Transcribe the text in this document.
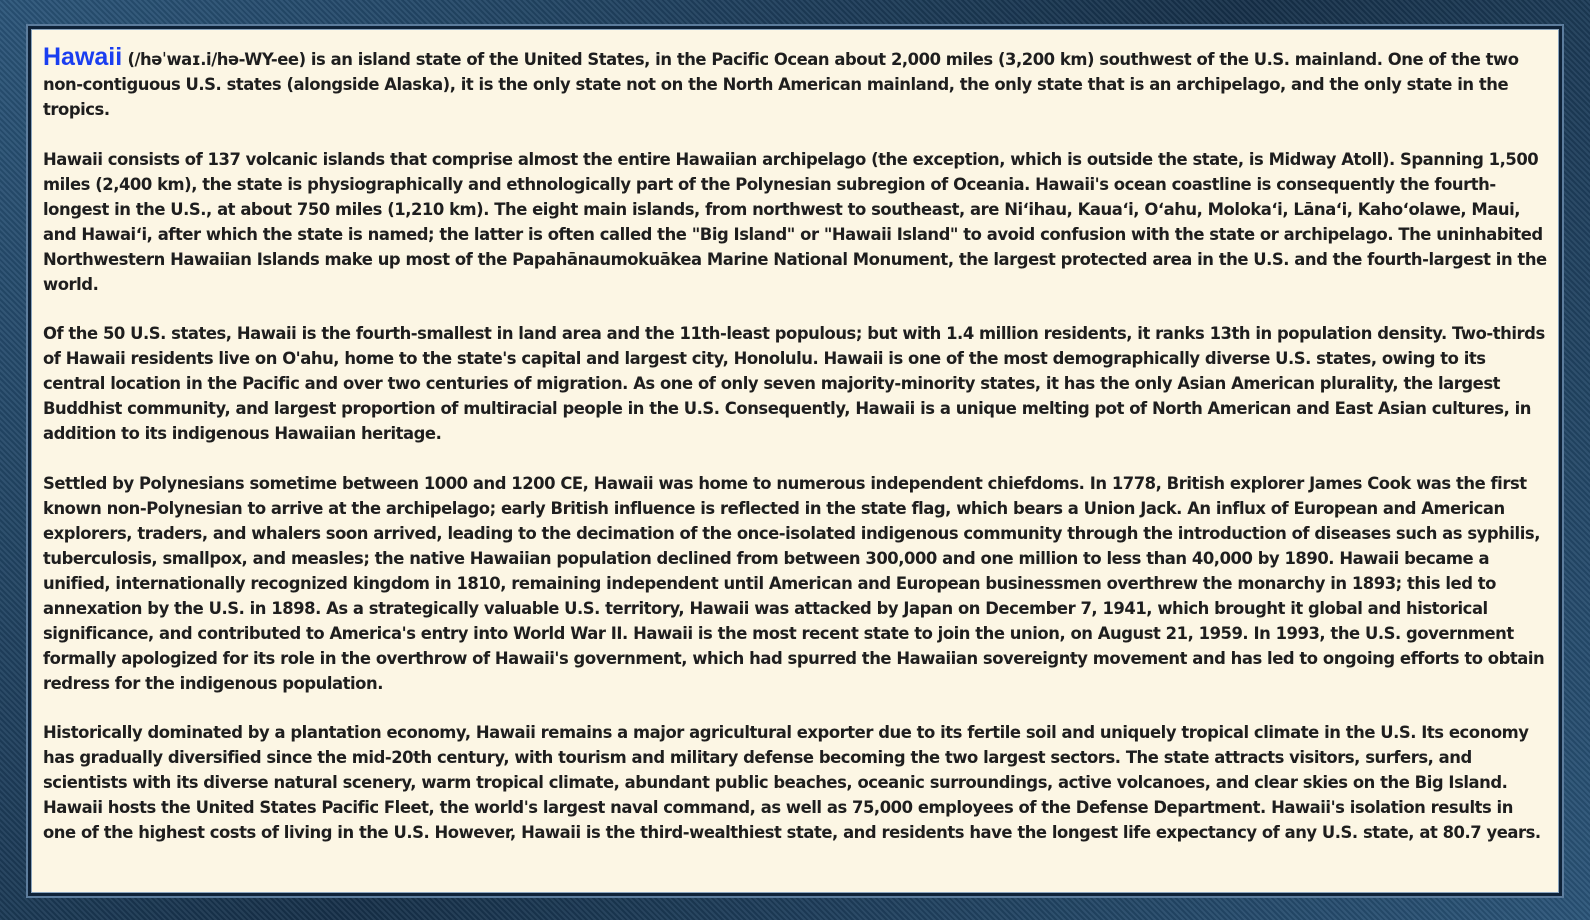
Hawaii (/həˈwaɪ.i/hə-WY-ee) is an island state of the United States, in the Pacific Ocean about 2,000 miles (3,200 km) southwest of the U.S. mainland. One of the two non-contiguous U.S. states (alongside Alaska), it is the only state not on the North American mainland, the only state that is an archipelago, and the only state in the tropics.

Hawaii consists of 137 volcanic islands that comprise almost the entire Hawaiian archipelago (the exception, which is outside the state, is Midway Atoll). Spanning 1,500 miles (2,400 km), the state is physiographically and ethnologically part of the Polynesian subregion of Oceania. Hawaii's ocean coastline is consequently the fourth-longest in the U.S., at about 750 miles (1,210 km). The eight main islands, from northwest to southeast, are Niʻihau, Kauaʻi, Oʻahu, Molokaʻi, Lānaʻi, Kahoʻolawe, Maui, and Hawaiʻi, after which the state is named; the latter is often called the "Big Island" or "Hawaii Island" to avoid confusion with the state or archipelago. The uninhabited Northwestern Hawaiian Islands make up most of the Papahānaumokuākea Marine National Monument, the largest protected area in the U.S. and the fourth-largest in the world.

Of the 50 U.S. states, Hawaii is the fourth-smallest in land area and the 11th-least populous; but with 1.4 million residents, it ranks 13th in population density. Two-thirds of Hawaii residents live on O'ahu, home to the state's capital and largest city, Honolulu. Hawaii is one of the most demographically diverse U.S. states, owing to its central location in the Pacific and over two centuries of migration. As one of only seven majority-minority states, it has the only Asian American plurality, the largest Buddhist community, and largest proportion of multiracial people in the U.S. Consequently, Hawaii is a unique melting pot of North American and East Asian cultures, in addition to its indigenous Hawaiian heritage.

Settled by Polynesians sometime between 1000 and 1200 CE, Hawaii was home to numerous independent chiefdoms. In 1778, British explorer James Cook was the first known non-Polynesian to arrive at the archipelago; early British influence is reflected in the state flag, which bears a Union Jack. An influx of European and American explorers, traders, and whalers soon arrived, leading to the decimation of the once-isolated indigenous community through the introduction of diseases such as syphilis, tuberculosis, smallpox, and measles; the native Hawaiian population declined from between 300,000 and one million to less than 40,000 by 1890. Hawaii became a unified, internationally recognized kingdom in 1810, remaining independent until American and European businessmen overthrew the monarchy in 1893; this led to annexation by the U.S. in 1898. As a strategically valuable U.S. territory, Hawaii was attacked by Japan on December 7, 1941, which brought it global and historical significance, and contributed to America's entry into World War II. Hawaii is the most recent state to join the union, on August 21, 1959. In 1993, the U.S. government formally apologized for its role in the overthrow of Hawaii's government, which had spurred the Hawaiian sovereignty movement and has led to ongoing efforts to obtain redress for the indigenous population.

Historically dominated by a plantation economy, Hawaii remains a major agricultural exporter due to its fertile soil and uniquely tropical climate in the U.S. Its economy has gradually diversified since the mid-20th century, with tourism and military defense becoming the two largest sectors. The state attracts visitors, surfers, and scientists with its diverse natural scenery, warm tropical climate, abundant public beaches, oceanic surroundings, active volcanoes, and clear skies on the Big Island. Hawaii hosts the United States Pacific Fleet, the world's largest naval command, as well as 75,000 employees of the Defense Department. Hawaii's isolation results in one of the highest costs of living in the U.S. However, Hawaii is the third-wealthiest state, and residents have the longest life expectancy of any U.S. state, at 80.7 years.
